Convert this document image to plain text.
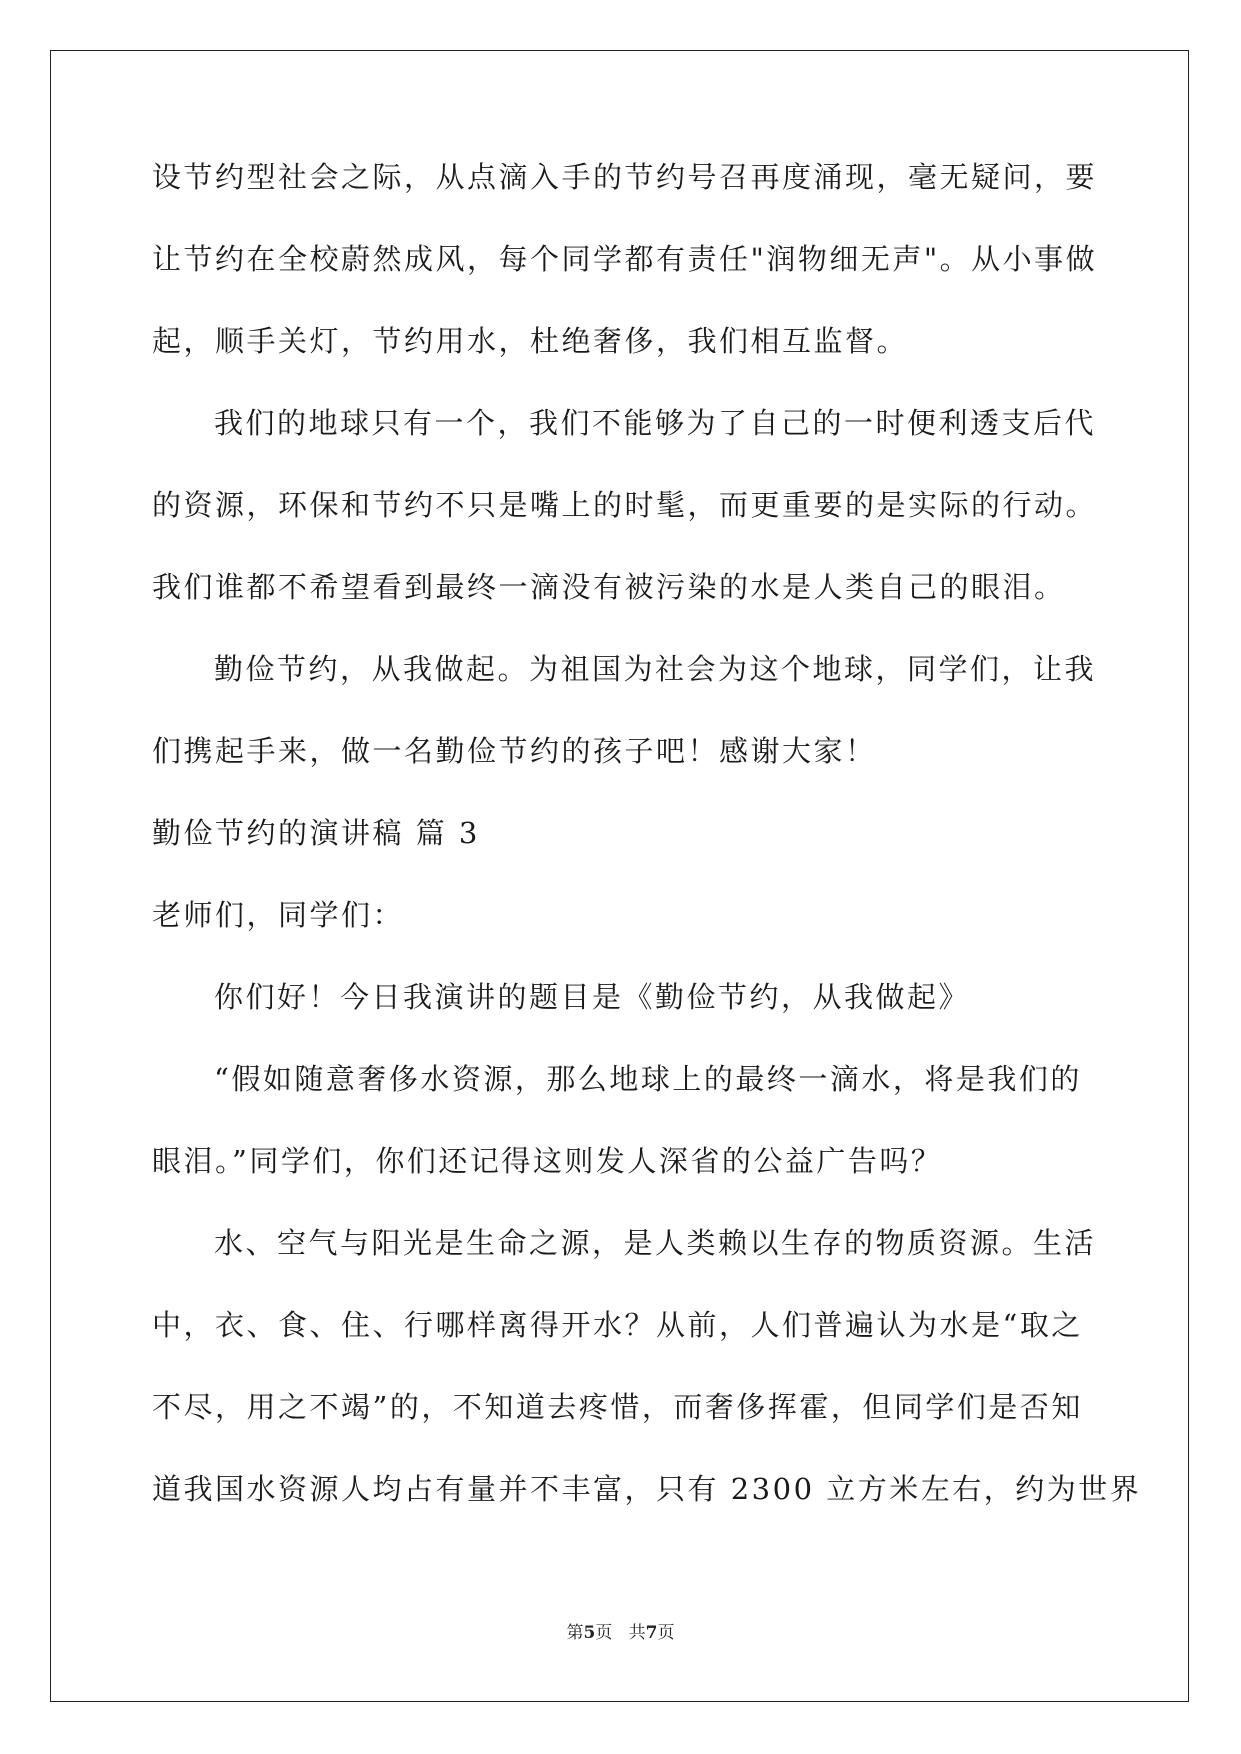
设节约型社会之际，从点滴入手的节约号召再度涌现，毫无疑问，要
让节约在全校蔚然成风，每个同学都有责任"润物细无声"。从小事做
起，顺手关灯，节约用水，杜绝奢侈，我们相互监督。
我们的地球只有一个，我们不能够为了自己的一时便利透支后代
的资源，环保和节约不只是嘴上的时髦，而更重要的是实际的行动。
我们谁都不希望看到最终一滴没有被污染的水是人类自己的眼泪。
勤俭节约，从我做起。为祖国为社会为这个地球，同学们，让我
们携起手来，做一名勤俭节约的孩子吧！感谢大家！
勤俭节约的演讲稿 篇 3
老师们，同学们：
你们好！今日我演讲的题目是《勤俭节约，从我做起》
“假如随意奢侈水资源，那么地球上的最终一滴水，将是我们的
眼泪。”同学们，你们还记得这则发人深省的公益广告吗？
水、空气与阳光是生命之源，是人类赖以生存的物质资源。生活
中，衣、食、住、行哪样离得开水？从前，人们普遍认为水是“取之
不尽，用之不竭”的，不知道去疼惜，而奢侈挥霍，但同学们是否知
道我国水资源人均占有量并不丰富，只有 2300 立方米左右，约为世界
第5页   共7页
